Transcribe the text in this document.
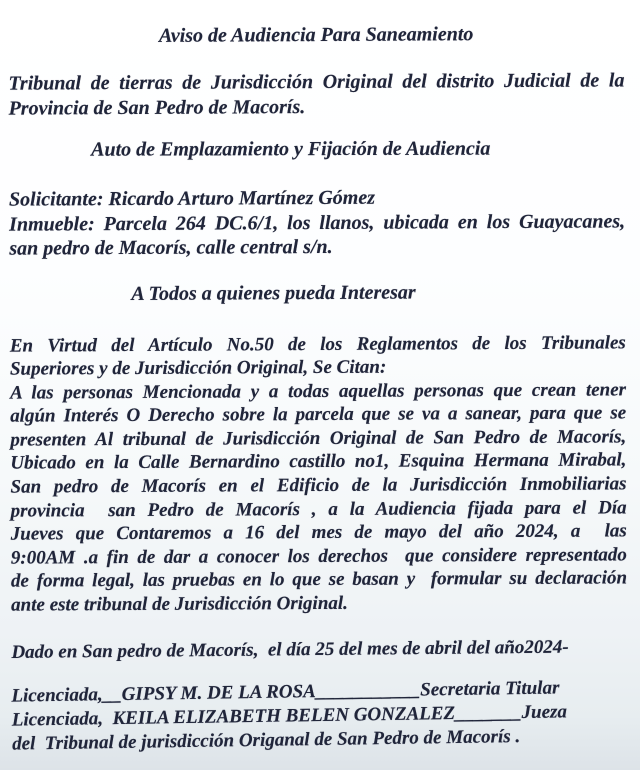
Aviso de Audiencia Para Saneamiento
Tribunal de tierras de Jurisdicción Original del distrito Judicial de la
Provincia de San Pedro de Macorís.
Auto de Emplazamiento y Fijación de Audiencia
Solicitante: Ricardo Arturo Martínez Gómez
Inmueble: Parcela 264 DC.6/1, los llanos, ubicada en los Guayacanes,
san pedro de Macorís, calle central s/n.
A Todos a quienes pueda Interesar
En Virtud del Artículo No.50 de los Reglamentos de los Tribunales
Superiores y de Jurisdicción Original, Se Citan:
A las personas Mencionada y a todas aquellas personas que crean tener
algún Interés O Derecho sobre la parcela que se va a sanear, para que se
presenten Al tribunal de Jurisdicción Original de San Pedro de Macorís,
Ubicado en la Calle Bernardino castillo no1, Esquina Hermana Mirabal,
San pedro de Macorís en el Edificio de la Jurisdicción Inmobiliarias
provincia  san Pedro de Macorís , a la Audiencia fijada para el Día
Jueves que Contaremos a 16 del mes de mayo del año 2024, a  las
9:00AM .a fin de dar a conocer los derechos  que considere representado
de forma legal, las pruebas en lo que se basan y  formular su declaración
ante este tribunal de Jurisdicción Original.
Dado en San pedro de Macorís,  el día 25 del mes de abril del año2024-
Licenciada,__GIPSY M. DE LA ROSA___________Secretaria Titular
Licenciada,  KEILA ELIZABETH BELEN GONZALEZ_______Jueza
del  Tribunal de jurisdicción Origanal de San Pedro de Macorís .
